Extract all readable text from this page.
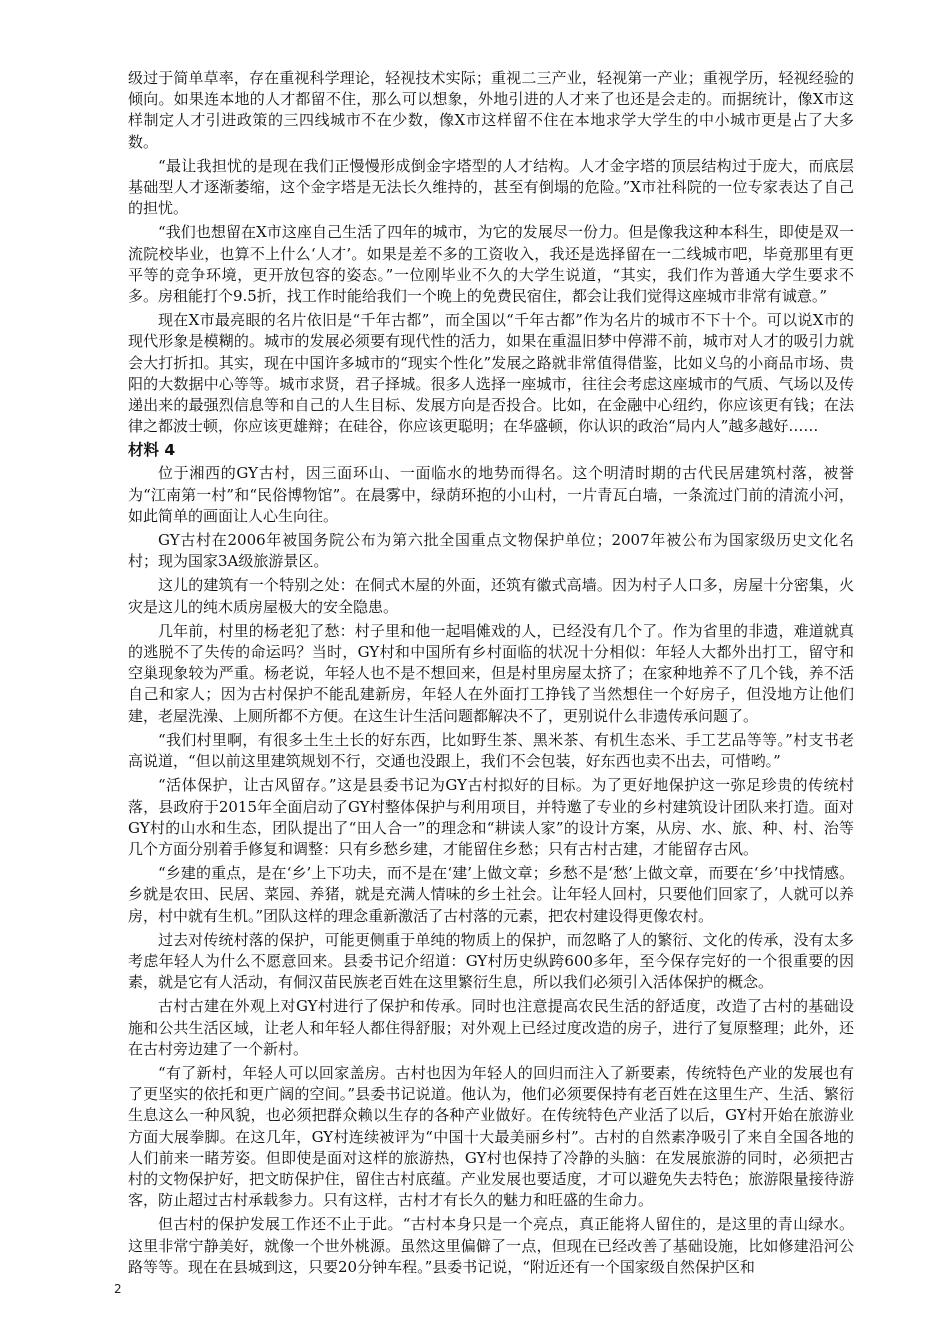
级过于简单草率，存在重视科学理论，轻视技术实际；重视二三产业，轻视第一产业；重视学历，轻视经验的倾向。如果连本地的人才都留不住，那么可以想象，外地引进的人才来了也还是会走的。而据统计，像X市这样制定人才引进政策的三四线城市不在少数，像X市这样留不住在本地求学大学生的中小城市更是占了大多数。

“最让我担忧的是现在我们正慢慢形成倒金字塔型的人才结构。人才金字塔的顶层结构过于庞大，而底层基础型人才逐渐萎缩，这个金字塔是无法长久维持的，甚至有倒塌的危险。”X市社科院的一位专家表达了自己的担忧。

“我们也想留在X市这座自己生活了四年的城市，为它的发展尽一份力。但是像我这种本科生，即使是双一流院校毕业，也算不上什么‘人才’。如果是差不多的工资收入，我还是选择留在一二线城市吧，毕竟那里有更平等的竞争环境，更开放包容的姿态。”一位刚毕业不久的大学生说道，“其实，我们作为普通大学生要求不多。房租能打个9.5折，找工作时能给我们一个晚上的免费民宿住，都会让我们觉得这座城市非常有诚意。”

现在X市最亮眼的名片依旧是“千年古都”，而全国以“千年古都”作为名片的城市不下十个。可以说X市的现代形象是模糊的。城市的发展必须要有现代性的活力，如果在重温旧梦中停滞不前，城市对人才的吸引力就会大打折扣。其实，现在中国许多城市的“现实个性化”发展之路就非常值得借鉴，比如义乌的小商品市场、贵阳的大数据中心等等。城市求贤，君子择城。很多人选择一座城市，往往会考虑这座城市的气质、气场以及传递出来的最强烈信息等和自己的人生目标、发展方向是否投合。比如，在金融中心纽约，你应该更有钱；在法律之都波士顿，你应该更雄辩；在硅谷，你应该更聪明；在华盛顿，你认识的政治“局内人”越多越好……

材料 4

位于湘西的GY古村，因三面环山、一面临水的地势而得名。这个明清时期的古代民居建筑村落，被誉为“江南第一村”和“民俗博物馆”。在晨雾中，绿荫环抱的小山村，一片青瓦白墙，一条流过门前的清流小河，如此简单的画面让人心生向往。

GY古村在2006年被国务院公布为第六批全国重点文物保护单位；2007年被公布为国家级历史文化名村；现为国家3A级旅游景区。

这儿的建筑有一个特别之处：在侗式木屋的外面，还筑有徽式高墙。因为村子人口多，房屋十分密集，火灾是这儿的纯木质房屋极大的安全隐患。

几年前，村里的杨老犯了愁：村子里和他一起唱傩戏的人，已经没有几个了。作为省里的非遗，难道就真的逃脱不了失传的命运吗？当时，GY村和中国所有乡村面临的状况十分相似：年轻人大都外出打工，留守和空巢现象较为严重。杨老说，年轻人也不是不想回来，但是村里房屋太挤了；在家种地养不了几个钱，养不活自己和家人；因为古村保护不能乱建新房，年轻人在外面打工挣钱了当然想住一个好房子，但没地方让他们建，老屋洗澡、上厕所都不方便。在这生计生活问题都解决不了，更别说什么非遗传承问题了。

“我们村里啊，有很多土生土长的好东西，比如野生茶、黑米茶、有机生态米、手工艺品等等。”村支书老高说道，“但以前这里建筑规划不行，交通也没跟上，我们不会包装，好东西也卖不出去，可惜哟。”

“活体保护，让古风留存。”这是县委书记为GY古村拟好的目标。为了更好地保护这一弥足珍贵的传统村落，县政府于2015年全面启动了GY村整体保护与利用项目，并特邀了专业的乡村建筑设计团队来打造。面对GY村的山水和生态，团队提出了“田人合一”的理念和“耕读人家”的设计方案，从房、水、旅、种、村、治等几个方面分别着手修复和调整：只有乡愁乡建，才能留住乡愁；只有古村古建，才能留存古风。

“乡建的重点，是在‘乡’上下功夫，而不是在‘建’上做文章；乡愁不是‘愁’上做文章，而要在‘乡’中找情感。乡就是农田、民居、菜园、养猪，就是充满人情味的乡土社会。让年轻人回村，只要他们回家了，人就可以养房，村中就有生机。”团队这样的理念重新激活了古村落的元素，把农村建设得更像农村。

过去对传统村落的保护，可能更侧重于单纯的物质上的保护，而忽略了人的繁衍、文化的传承，没有太多考虑年轻人为什么不愿意回来。县委书记介绍道：GY村历史纵跨600多年，至今保存完好的一个很重要的因素，就是它有人活动，有侗汉苗民族老百姓在这里繁衍生息，所以我们必须引入活体保护的概念。

古村古建在外观上对GY村进行了保护和传承。同时也注意提高农民生活的舒适度，改造了古村的基础设施和公共生活区域，让老人和年轻人都住得舒服；对外观上已经过度改造的房子，进行了复原整理；此外，还在古村旁边建了一个新村。

“有了新村，年轻人可以回家盖房。古村也因为年轻人的回归而注入了新要素，传统特色产业的发展也有了更坚实的依托和更广阔的空间。”县委书记说道。他认为，他们必须要保持有老百姓在这里生产、生活、繁衍生息这么一种风貌，也必须把群众赖以生存的各种产业做好。在传统特色产业活了以后，GY村开始在旅游业方面大展拳脚。在这几年，GY村连续被评为“中国十大最美丽乡村”。古村的自然素净吸引了来自全国各地的人们前来一睹芳姿。但即使是面对这样的旅游热，GY村也保持了冷静的头脑：在发展旅游的同时，必须把古村的文物保护好，把文昉保护住，留住古村底蕴。产业发展也要适度，才可以避免失去特色；旅游限量接待游客，防止超过古村承载参力。只有这样，古村才有长久的魅力和旺盛的生命力。

但古村的保护发展工作还不止于此。“古村本身只是一个亮点，真正能将人留住的，是这里的青山绿水。这里非常宁静美好，就像一个世外桃源。虽然这里偏僻了一点，但现在已经改善了基础设施，比如修建沿河公路等等。现在在县城到这，只要20分钟车程。”县委书记说，“附近还有一个国家级自然保护区和

2
